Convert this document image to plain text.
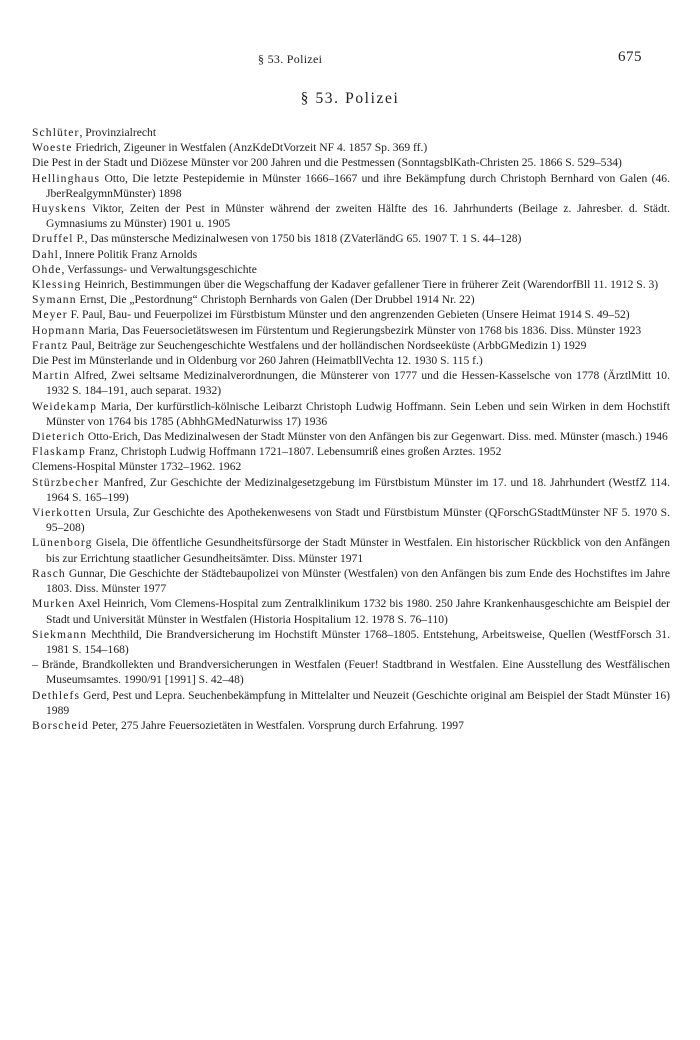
§ 53. Polizei	675
§ 53. Polizei
Schlüter, Provinzialrecht
Woeste Friedrich, Zigeuner in Westfalen (AnzKdeDtVorzeit NF 4. 1857 Sp. 369 ff.)
Die Pest in der Stadt und Diözese Münster vor 200 Jahren und die Pestmessen (SonntagsblKath-Christen 25. 1866 S. 529–534)
Hellinghaus Otto, Die letzte Pestepidemie in Münster 1666–1667 und ihre Bekämpfung durch Christoph Bernhard von Galen (46. JberRealgymnMünster) 1898
Huyskens Viktor, Zeiten der Pest in Münster während der zweiten Hälfte des 16. Jahrhunderts (Beilage z. Jahresber. d. Städt. Gymnasiums zu Münster) 1901 u. 1905
Druffel P., Das münstersche Medizinalwesen von 1750 bis 1818 (ZVaterländG 65. 1907 T. 1 S. 44–128)
Dahl, Innere Politik Franz Arnolds
Ohde, Verfassungs- und Verwaltungsgeschichte
Klessing Heinrich, Bestimmungen über die Wegschaffung der Kadaver gefallener Tiere in früherer Zeit (WarendorfBll 11. 1912 S. 3)
Symann Ernst, Die „Pestordnung“ Christoph Bernhards von Galen (Der Drubbel 1914 Nr. 22)
Meyer F. Paul, Bau- und Feuerpolizei im Fürstbistum Münster und den angrenzenden Gebieten (Unsere Heimat 1914 S. 49–52)
Hopmann Maria, Das Feuersocietätswesen im Fürstentum und Regierungsbezirk Münster von 1768 bis 1836. Diss. Münster 1923
Frantz Paul, Beiträge zur Seuchengeschichte Westfalens und der holländischen Nordseeküste (ArbbGMedizin 1) 1929
Die Pest im Münsterlande und in Oldenburg vor 260 Jahren (HeimatbllVechta 12. 1930 S. 115 f.)
Martin Alfred, Zwei seltsame Medizinalverordnungen, die Münsterer von 1777 und die Hessen-Kasselsche von 1778 (ÄrztlMitt 10. 1932 S. 184–191, auch separat. 1932)
Weidekamp Maria, Der kurfürstlich-kölnische Leibarzt Christoph Ludwig Hoffmann. Sein Leben und sein Wirken in dem Hochstift Münster von 1764 bis 1785 (AbhhGMedNaturwiss 17) 1936
Dieterich Otto-Erich, Das Medizinalwesen der Stadt Münster von den Anfängen bis zur Gegenwart. Diss. med. Münster (masch.) 1946
Flaskamp Franz, Christoph Ludwig Hoffmann 1721–1807. Lebensumriß eines großen Arztes. 1952
Clemens-Hospital Münster 1732–1962. 1962
Stürzbecher Manfred, Zur Geschichte der Medizinalgesetzgebung im Fürstbistum Münster im 17. und 18. Jahrhundert (WestfZ 114. 1964 S. 165–199)
Vierkotten Ursula, Zur Geschichte des Apothekenwesens von Stadt und Fürstbistum Münster (QForschGStadtMünster NF 5. 1970 S. 95–208)
Lünenborg Gisela, Die öffentliche Gesundheitsfürsorge der Stadt Münster in Westfalen. Ein historischer Rückblick von den Anfängen bis zur Errichtung staatlicher Gesundheitsämter. Diss. Münster 1971
Rasch Gunnar, Die Geschichte der Städtebaupolizei von Münster (Westfalen) von den Anfängen bis zum Ende des Hochstiftes im Jahre 1803. Diss. Münster 1977
Murken Axel Heinrich, Vom Clemens-Hospital zum Zentralklinikum 1732 bis 1980. 250 Jahre Krankenhausgeschichte am Beispiel der Stadt und Universität Münster in Westfalen (Historia Hospitalium 12. 1978 S. 76–110)
Siekmann Mechthild, Die Brandversicherung im Hochstift Münster 1768–1805. Entstehung, Arbeitsweise, Quellen (WestfForsch 31. 1981 S. 154–168)
– Brände, Brandkollekten und Brandversicherungen in Westfalen (Feuer! Stadtbrand in Westfalen. Eine Ausstellung des Westfälischen Museumsamtes. 1990/91 [1991] S. 42–48)
Dethlefs Gerd, Pest und Lepra. Seuchenbekämpfung in Mittelalter und Neuzeit (Geschichte original am Beispiel der Stadt Münster 16) 1989
Borscheid Peter, 275 Jahre Feuersozietäten in Westfalen. Vorsprung durch Erfahrung. 1997
